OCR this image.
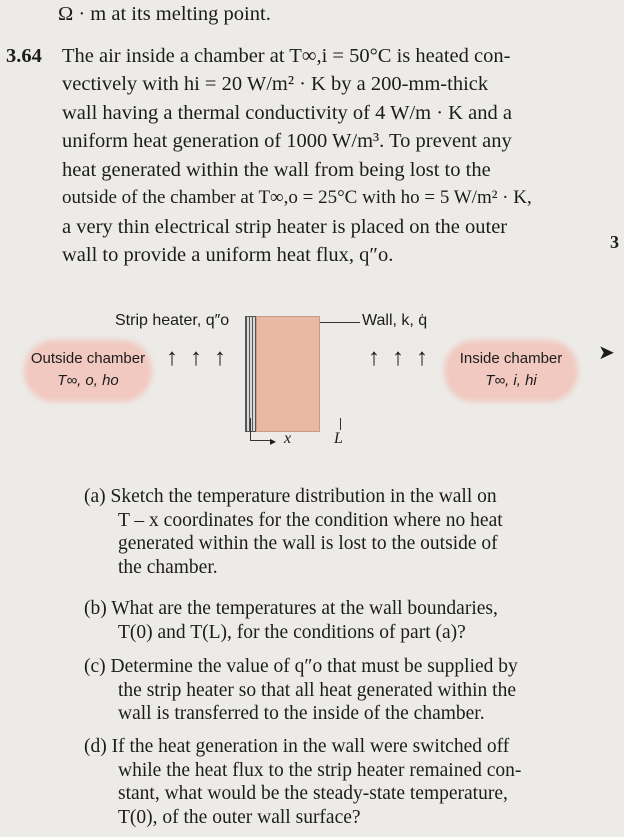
Ω · m at its melting point.
3.64 The air inside a chamber at T∞,i = 50°C is heated con-
vectively with hi = 20 W/m² · K by a 200-mm-thick
wall having a thermal conductivity of 4 W/m · K and a
uniform heat generation of 1000 W/m³. To prevent any
heat generated within the wall from being lost to the
outside of the chamber at T∞,o = 25°C with ho = 5 W/m² · K,
a very thin electrical strip heater is placed on the outer
wall to provide a uniform heat flux, q″o.
3
Strip heater, q″o	Wall, k, q̇
Outside chamber
T∞, o, ho
Inside chamber
T∞, i, hi
↑ ↑ ↑	↑ ↑ ↑
▸ x	L
➤
(a) Sketch the temperature distribution in the wall on
T – x coordinates for the condition where no heat
generated within the wall is lost to the outside of
the chamber.
(b) What are the temperatures at the wall boundaries,
T(0) and T(L), for the conditions of part (a)?
(c) Determine the value of q″o that must be supplied by
the strip heater so that all heat generated within the
wall is transferred to the inside of the chamber.
(d) If the heat generation in the wall were switched off
while the heat flux to the strip heater remained con-
stant, what would be the steady-state temperature,
T(0), of the outer wall surface?
